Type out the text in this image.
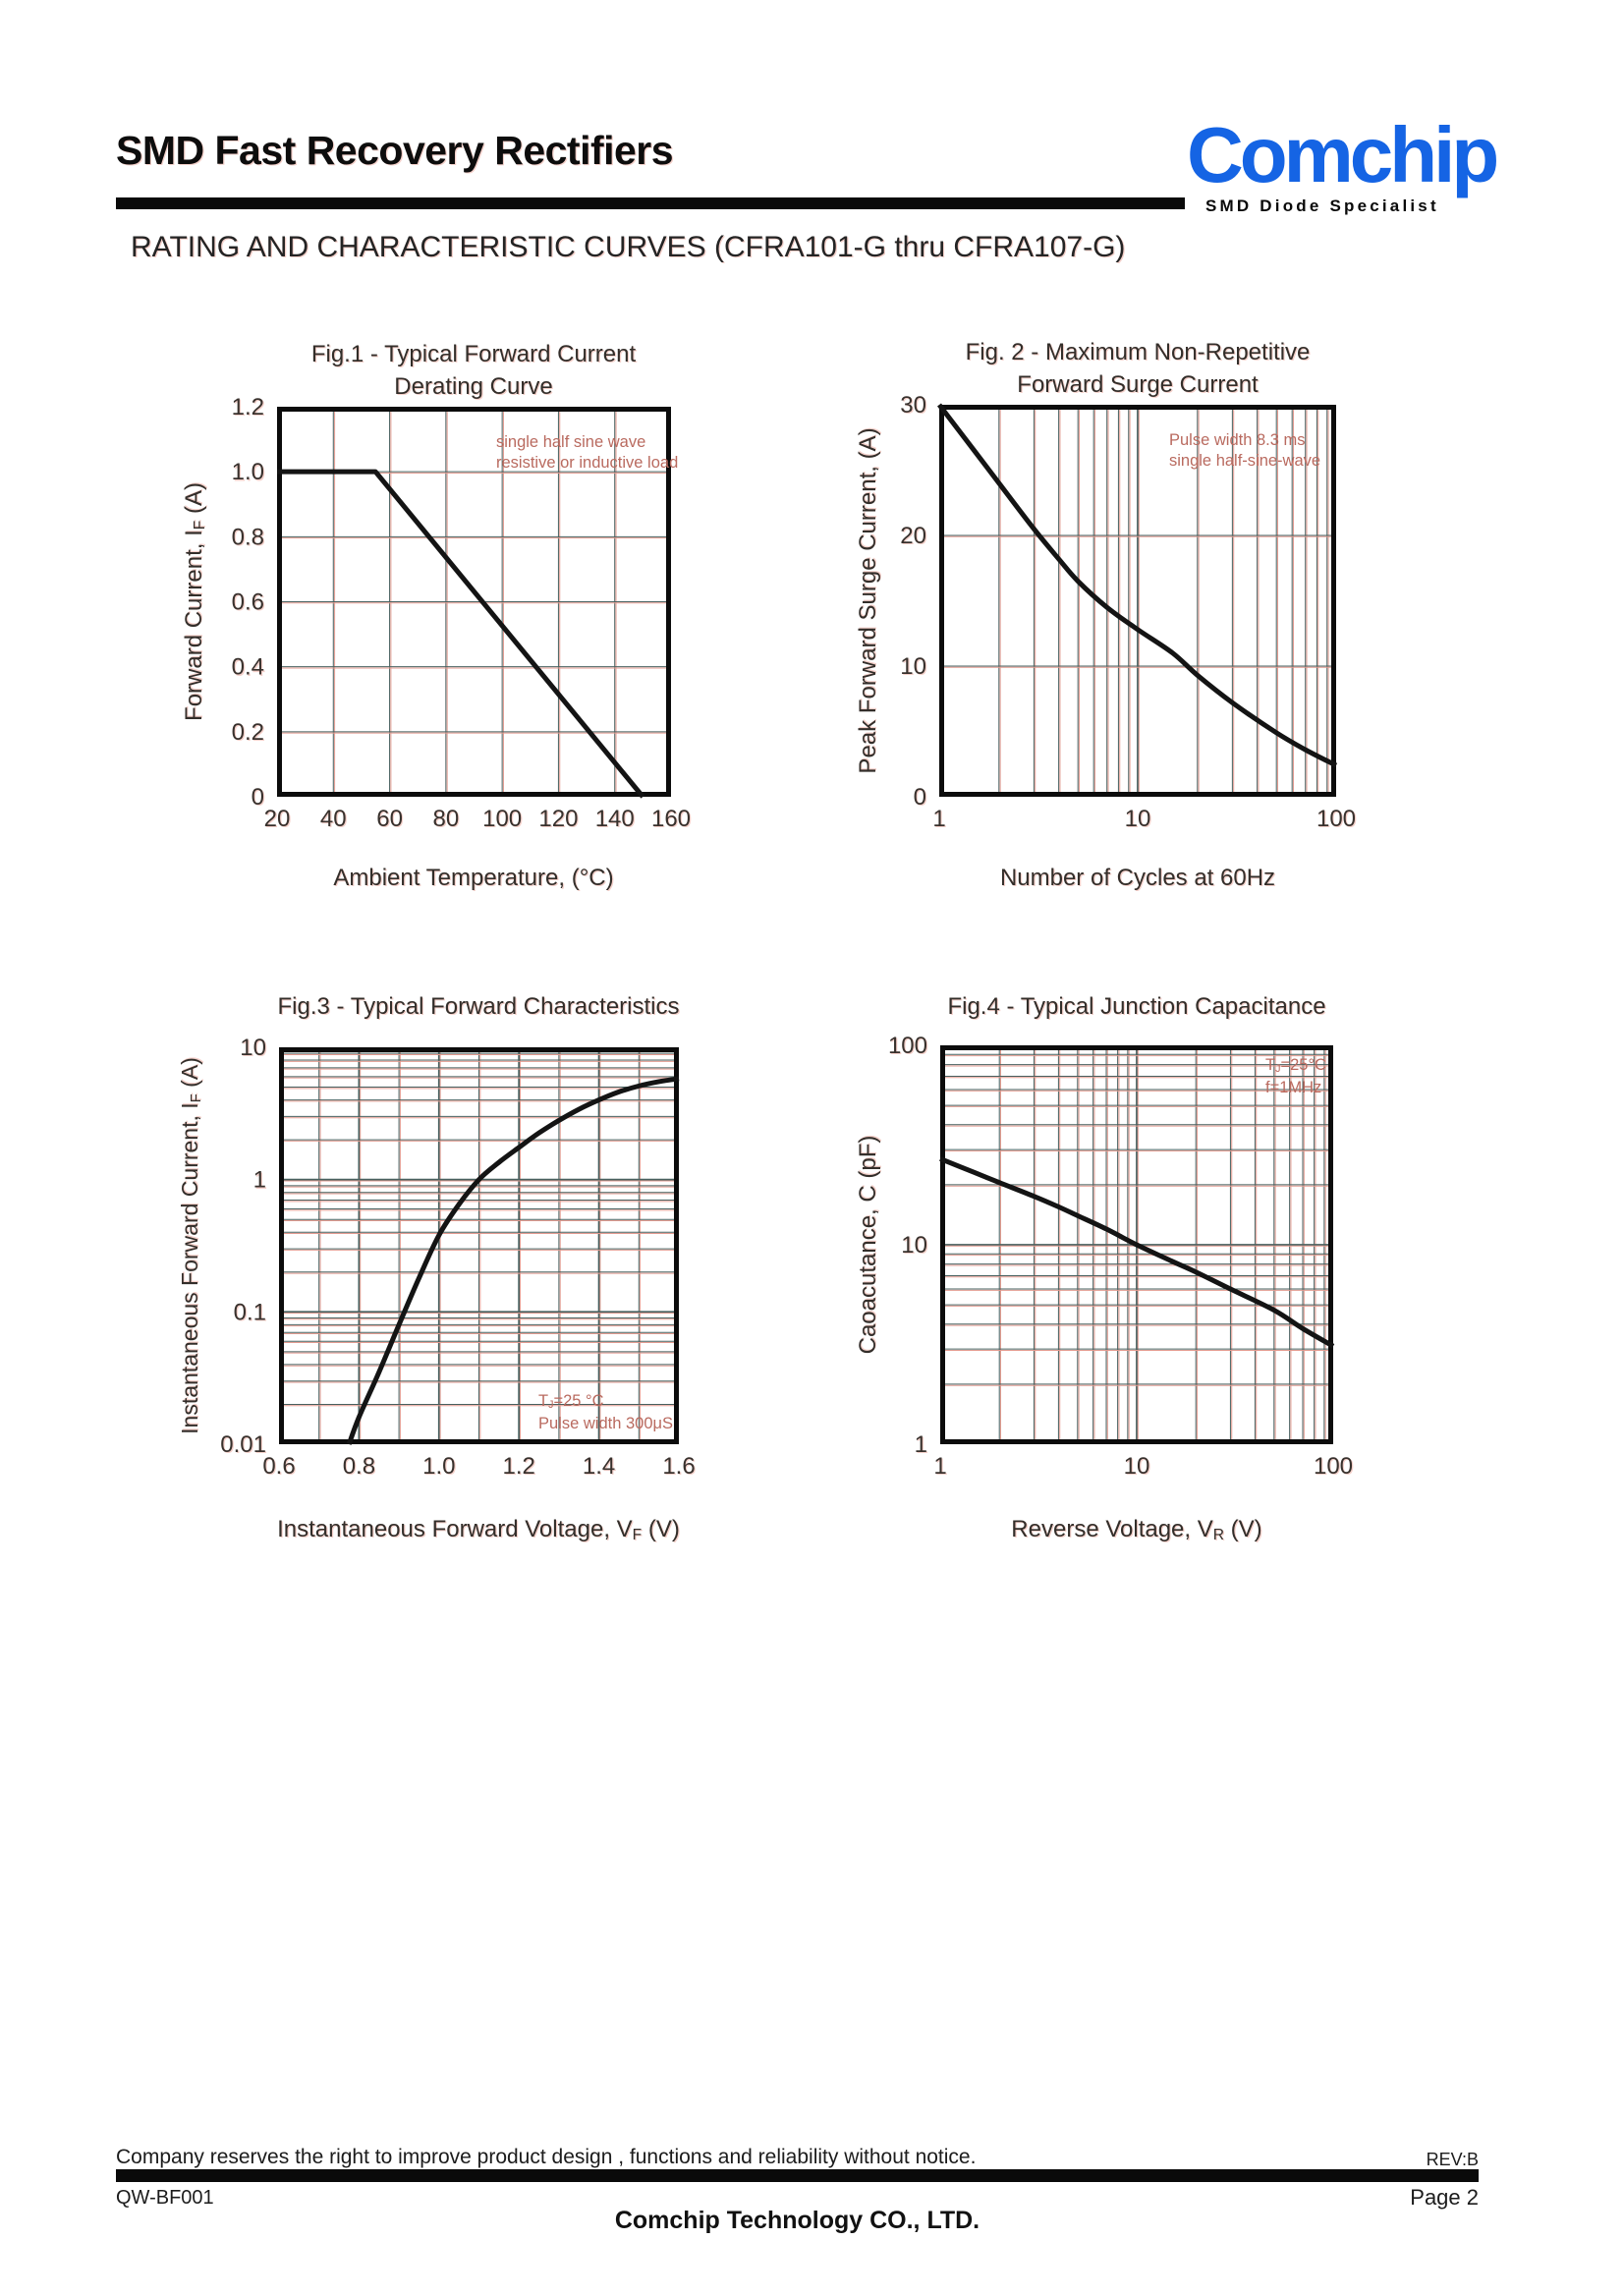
SMD Fast Recovery Rectifiers	Comchip
SMD Diode Specialist
RATING AND CHARACTERISTIC CURVES (CFRA101-G thru CFRA107-G)
Fig.1 - Typical Forward Current
Derating Curve
Forward Current, IF (A)
20 40 60 80 100 120 140 160
1.2
1.0
0.8
0.6
0.4
0.2
0
single half sine wave
resistive or inductive load
Ambient Temperature, (°C)
Fig. 2 - Maximum Non-Repetitive
Forward Surge Current
Peak Forward Surge Current, (A)
1	10	100
30
20
10
0
Pulse width 8.3 ms
single half-sine-wave
Number of Cycles at 60Hz
Fig.3 - Typical Forward Characteristics
Instantaneous Forward Current, IF (A)
0.6 0.8 1.0 1.2 1.4 1.6
10
1
0.1
0.01
TJ=25 °C
Pulse width 300μS
Instantaneous Forward Voltage, VF (V)
Fig.4 - Typical Junction Capacitance
Caoacutance, C (pF)
1	10	100
100
10
1
TJ=25°C
f=1MHz
Reverse Voltage, VR (V)
Company reserves the right to improve product design , functions and reliability without notice.	REV:B
QW-BF001	Page 2
Comchip Technology CO., LTD.
